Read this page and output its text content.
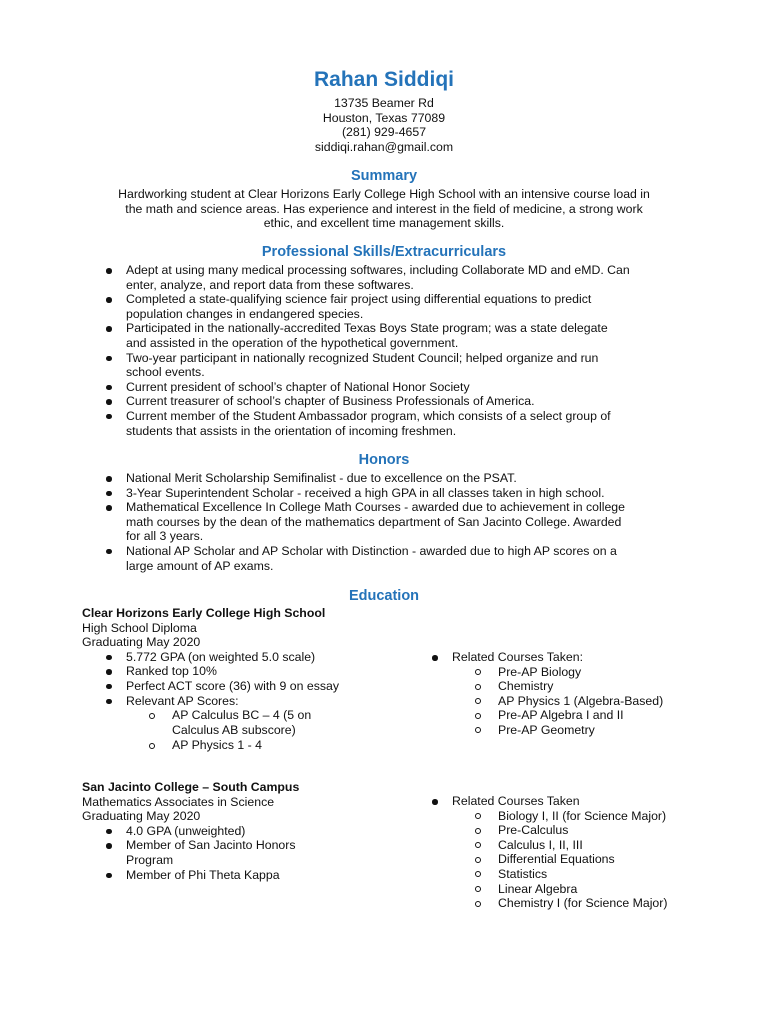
Rahan Siddiqi
13735 Beamer Rd
Houston, Texas 77089
(281) 929-4657
siddiqi.rahan@gmail.com
Summary
Hardworking student at Clear Horizons Early College High School with an intensive course load in
the math and science areas. Has experience and interest in the field of medicine, a strong work
ethic, and excellent time management skills.
Professional Skills/Extracurriculars
Adept at using many medical processing softwares, including Collaborate MD and eMD. Can
enter, analyze, and report data from these softwares.
Completed a state-qualifying science fair project using differential equations to predict
population changes in endangered species.
Participated in the nationally-accredited Texas Boys State program; was a state delegate
and assisted in the operation of the hypothetical government.
Two-year participant in nationally recognized Student Council; helped organize and run
school events.
Current president of school’s chapter of National Honor Society
Current treasurer of school’s chapter of Business Professionals of America.
Current member of the Student Ambassador program, which consists of a select group of
students that assists in the orientation of incoming freshmen.
Honors
National Merit Scholarship Semifinalist - due to excellence on the PSAT.
3-Year Superintendent Scholar - received a high GPA in all classes taken in high school.
Mathematical Excellence In College Math Courses - awarded due to achievement in college
math courses by the dean of the mathematics department of San Jacinto College. Awarded
for all 3 years.
National AP Scholar and AP Scholar with Distinction - awarded due to high AP scores on a
large amount of AP exams.
Education
Clear Horizons Early College High School
High School Diploma
Graduating May 2020
5.772 GPA (on weighted 5.0 scale)
Ranked top 10%
Perfect ACT score (36) with 9 on essay
Relevant AP Scores:
AP Calculus BC – 4 (5 on
Calculus AB subscore)
AP Physics 1 - 4
Related Courses Taken:
Pre-AP Biology
Chemistry
AP Physics 1 (Algebra-Based)
Pre-AP Algebra I and II
Pre-AP Geometry
San Jacinto College – South Campus
Mathematics Associates in Science
Graduating May 2020
4.0 GPA (unweighted)
Member of San Jacinto Honors
Program
Member of Phi Theta Kappa
Related Courses Taken
Biology I, II (for Science Major)
Pre-Calculus
Calculus I, II, III
Differential Equations
Statistics
Linear Algebra
Chemistry I (for Science Major)
